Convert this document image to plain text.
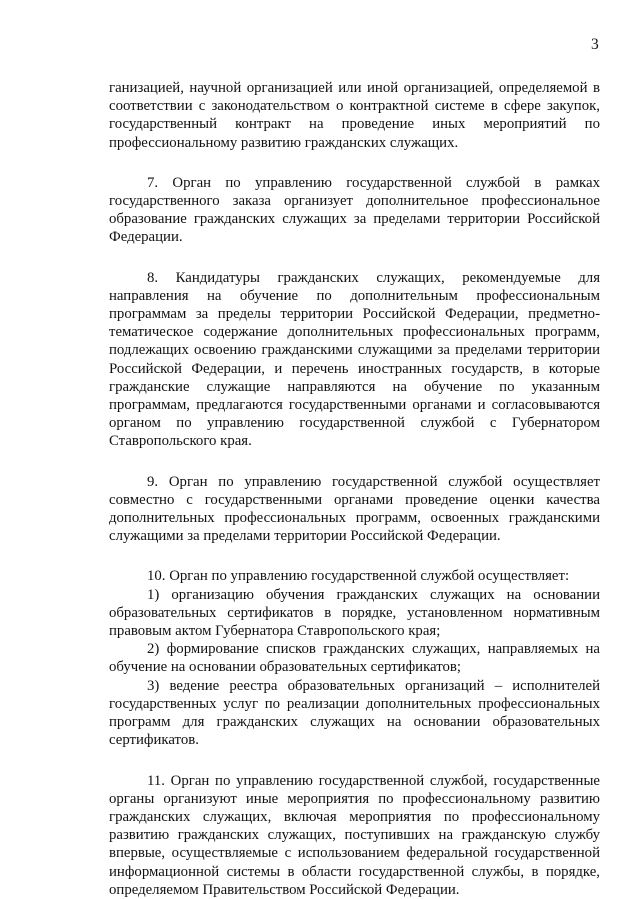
3

ганизацией, научной организацией или иной организацией, определяемой в соответствии с законодательством о контрактной системе в сфере закупок, государственный контракт на проведение иных мероприятий по профессиональному развитию гражданских служащих.

7. Орган по управлению государственной службой в рамках государственного заказа организует дополнительное профессиональное образование гражданских служащих за пределами территории Российской Федерации.

8. Кандидатуры гражданских служащих, рекомендуемые для направления на обучение по дополнительным профессиональным программам за пределы территории Российской Федерации, предметно-тематическое содержание дополнительных профессиональных программ, подлежащих освоению гражданскими служащими за пределами территории Российской Федерации, и перечень иностранных государств, в которые гражданские служащие направляются на обучение по указанным программам, предлагаются государственными органами и согласовываются органом по управлению государственной службой с Губернатором Ставропольского края.

9. Орган по управлению государственной службой осуществляет совместно с государственными органами проведение оценки качества дополнительных профессиональных программ, освоенных гражданскими служащими за пределами территории Российской Федерации.

10. Орган по управлению государственной службой осуществляет:

1) организацию обучения гражданских служащих на основании образовательных сертификатов в порядке, установленном нормативным правовым актом Губернатора Ставропольского края;

2) формирование списков гражданских служащих, направляемых на обучение на основании образовательных сертификатов;

3) ведение реестра образовательных организаций – исполнителей государственных услуг по реализации дополнительных профессиональных программ для гражданских служащих на основании образовательных сертификатов.

11. Орган по управлению государственной службой, государственные органы организуют иные мероприятия по профессиональному развитию гражданских служащих, включая мероприятия по профессиональному развитию гражданских служащих, поступивших на гражданскую службу впервые, осуществляемые с использованием федеральной государственной информационной системы в области государственной службы, в порядке, определяемом Правительством Российской Федерации.
